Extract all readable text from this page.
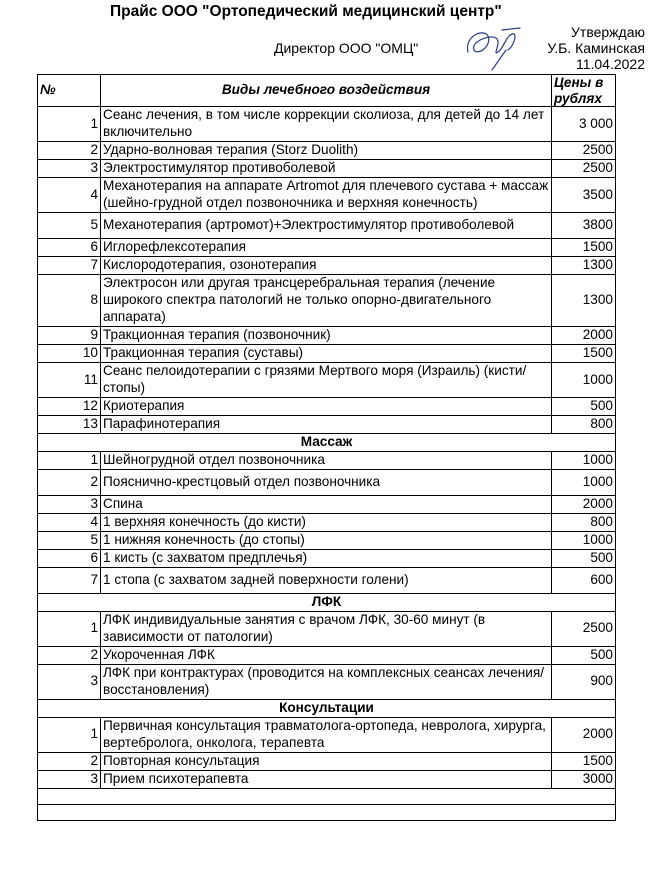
Прайс ООО "Ортопедический медицинский центр"
Утверждаю
Директор ООО "ОМЦ"	У.Б. Каминская
11.04.2022
№	Виды лечебного воздействия	Цены в рублях
1	Сеанс лечения, в том числе коррекции сколиоза, для детей до 14 лет включительно	3 000
2	Ударно-волновая терапия (Storz Duolith)	2500
3	Электростимулятор противоболевой	2500
4	Механотерапия на аппарате Artromot для плечевого сустава + массаж (шейно-грудной отдел позвоночника и верхняя конечность)	3500
5	Механотерапия (артромот)+Электростимулятор противоболевой	3800
6	Иглорефлексотерапия	1500
7	Кислородотерапия, озонотерапия	1300
8	Электросон или другая трансцеребральная терапия (лечение широкого спектра патологий не только опорно-двигательного аппарата)	1300
9	Тракционная терапия (позвоночник)	2000
10	Тракционная терапия (суставы)	1500
11	Сеанс пелоидотерапии с грязями Мертвого моря (Израиль) (кисти/стопы)	1000
12	Криотерапия	500
13	Парафинотерапия	800
Массаж		
1	Шейногрудной отдел позвоночника	1000
2	Пояснично-крестцовый отдел позвоночника	1000
3	Спина	2000
4	1 верхняя конечность (до кисти)	800
5	1 нижняя конечность (до стопы)	1000
6	1 кисть (с захватом предплечья)	500
7	1 стопа (с захватом задней поверхности голени)	600
ЛФК		
1	ЛФК индивидуальные занятия с врачом ЛФК, 30-60 минут (в зависимости от патологии)	2500
2	Укороченная ЛФК	500
3	ЛФК при контрактурах (проводится на комплексных сеансах лечения/восстановления)	900
Консультации		
1	Первичная консультация травматолога-ортопеда, невролога, хирурга, вертебролога, онколога, терапевта	2000
2	Повторная консультация	1500
3	Прием психотерапевта	3000
